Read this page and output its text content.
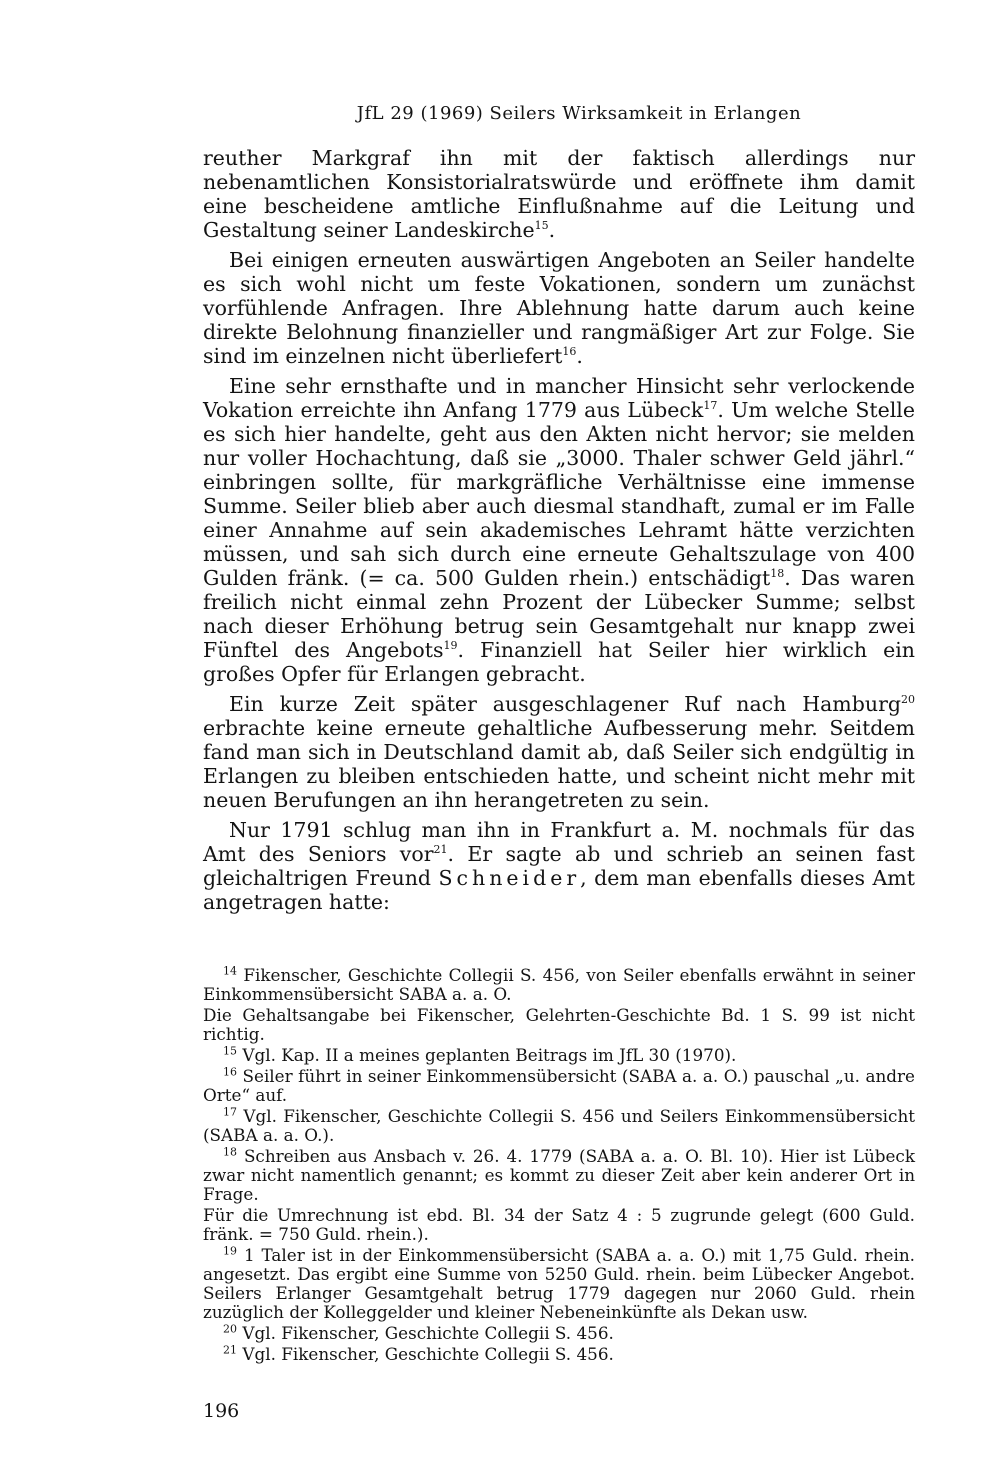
JfL 29 (1969) Seilers Wirksamkeit in Erlangen

reuther Markgraf ihn mit der faktisch allerdings nur nebenamtlichen Konsistorialratswürde und eröffnete ihm damit eine bescheidene amtliche Einflußnahme auf die Leitung und Gestaltung seiner Landeskirche$^{15}$.

Bei einigen erneuten auswärtigen Angeboten an Seiler handelte es sich wohl nicht um feste Vokationen, sondern um zunächst vorfühlende Anfragen. Ihre Ablehnung hatte darum auch keine direkte Belohnung finanzieller und rangmäßiger Art zur Folge. Sie sind im einzelnen nicht überliefert$^{16}$.

Eine sehr ernsthafte und in mancher Hinsicht sehr verlockende Vokation erreichte ihn Anfang 1779 aus Lübeck$^{17}$. Um welche Stelle es sich hier handelte, geht aus den Akten nicht hervor; sie melden nur voller Hochachtung, daß sie „3000. Thaler schwer Geld jährl.“ einbringen sollte, für markgräfliche Verhältnisse eine immense Summe. Seiler blieb aber auch diesmal standhaft, zumal er im Falle einer Annahme auf sein akademisches Lehramt hätte verzichten müssen, und sah sich durch eine erneute Gehaltszulage von 400 Gulden fränk. (= ca. 500 Gulden rhein.) entschädigt$^{18}$. Das waren freilich nicht einmal zehn Prozent der Lübecker Summe; selbst nach dieser Erhöhung betrug sein Gesamtgehalt nur knapp zwei Fünftel des Angebots$^{19}$. Finanziell hat Seiler hier wirklich ein großes Opfer für Erlangen gebracht.

Ein kurze Zeit später ausgeschlagener Ruf nach Hamburg$^{20}$ erbrachte keine erneute gehaltliche Aufbesserung mehr. Seitdem fand man sich in Deutschland damit ab, daß Seiler sich endgültig in Erlangen zu bleiben entschieden hatte, und scheint nicht mehr mit neuen Berufungen an ihn herangetreten zu sein.

Nur 1791 schlug man ihn in Frankfurt a. M. nochmals für das Amt des Seniors vor$^{21}$. Er sagte ab und schrieb an seinen fast gleichaltrigen Freund Schneider, dem man ebenfalls dieses Amt angetragen hatte:

$^{14}$ Fikenscher, Geschichte Collegii S. 456, von Seiler ebenfalls erwähnt in seiner Einkommensübersicht SABA a. a. O.

Die Gehaltsangabe bei Fikenscher, Gelehrten-Geschichte Bd. 1 S. 99 ist nicht richtig.

$^{15}$ Vgl. Kap. II a meines geplanten Beitrags im JfL 30 (1970).

$^{16}$ Seiler führt in seiner Einkommensübersicht (SABA a. a. O.) pauschal „u. andre Orte“ auf.

$^{17}$ Vgl. Fikenscher, Geschichte Collegii S. 456 und Seilers Einkommensübersicht (SABA a. a. O.).

$^{18}$ Schreiben aus Ansbach v. 26. 4. 1779 (SABA a. a. O. Bl. 10). Hier ist Lübeck zwar nicht namentlich genannt; es kommt zu dieser Zeit aber kein anderer Ort in Frage.

Für die Umrechnung ist ebd. Bl. 34 der Satz 4 : 5 zugrunde gelegt (600 Guld. fränk. = 750 Guld. rhein.).

$^{19}$ 1 Taler ist in der Einkommensübersicht (SABA a. a. O.) mit 1,75 Guld. rhein. angesetzt. Das ergibt eine Summe von 5250 Guld. rhein. beim Lübecker Angebot. Seilers Erlanger Gesamtgehalt betrug 1779 dagegen nur 2060 Guld. rhein zuzüglich der Kolleggelder und kleiner Nebeneinkünfte als Dekan usw.

$^{20}$ Vgl. Fikenscher, Geschichte Collegii S. 456.

$^{21}$ Vgl. Fikenscher, Geschichte Collegii S. 456.

196
